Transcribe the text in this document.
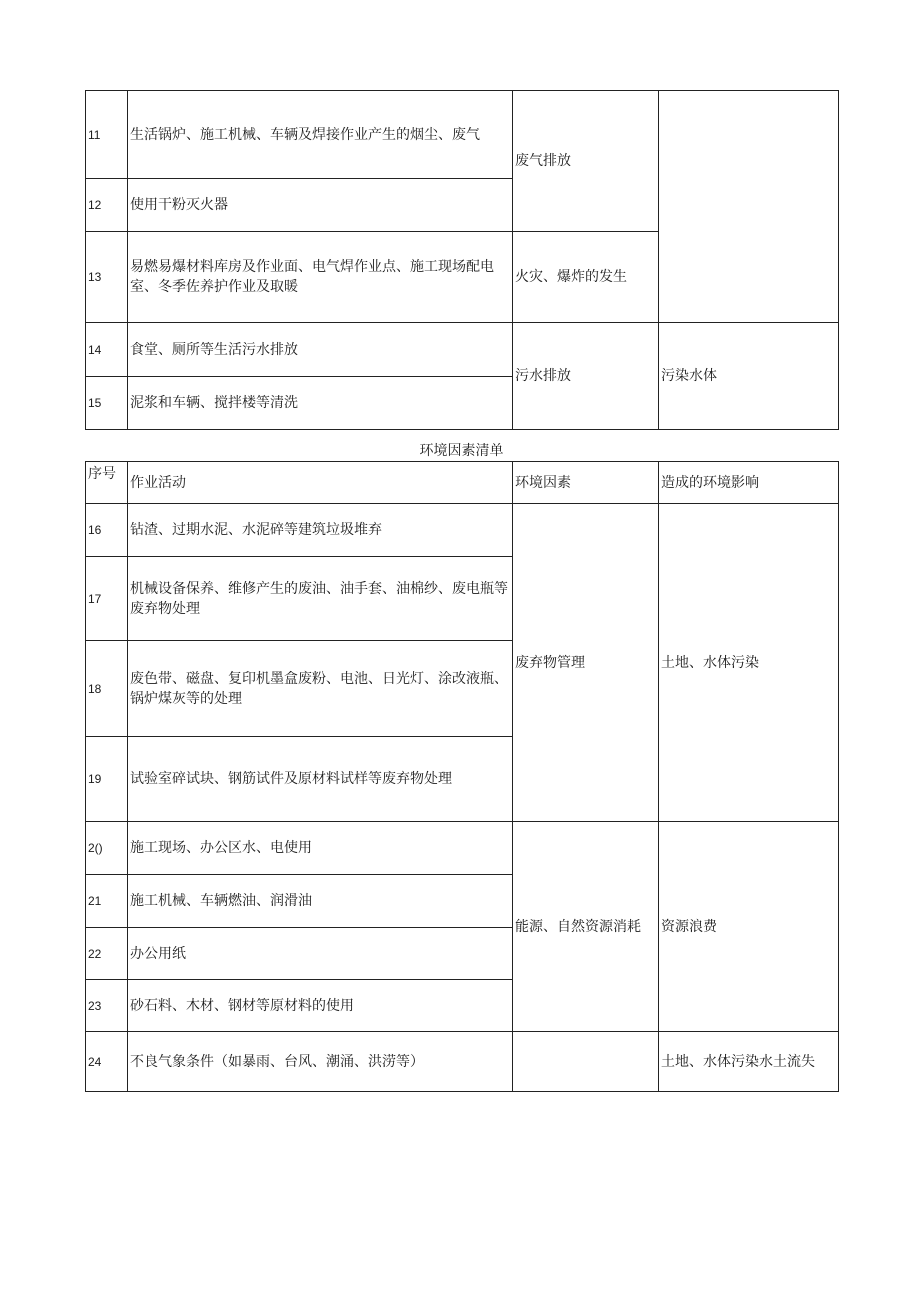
11	生活锅炉、施工机械、车辆及焊接作业产生的烟尘、废气	废气排放	
12	使用干粉灭火器		
13	易燃易爆材料库房及作业面、电气焊作业点、施工现场配电室、冬季佐养护作业及取暖	火灾、爆炸的发生	
14	食堂、厕所等生活污水排放	污水排放	污染水体
15	泥浆和车辆、搅拌楼等清洗		
环境因素清单
序号	作业活动	环境因素	造成的环境影响
16	钻渣、过期水泥、水泥碎等建筑垃圾堆弃	废弃物管理	土地、水体污染
17	机械设备保养、维修产生的废油、油手套、油棉纱、废电瓶等废弃物处理		
18	废色带、磁盘、复印机墨盒废粉、电池、日光灯、涂改液瓶、锅炉煤灰等的处理		
19	试验室碎试块、钢筋试件及原材料试样等废弃物处理		
2()	施工现场、办公区水、电使用	能源、自然资源消耗	资源浪费
21	施工机械、车辆燃油、润滑油		
22	办公用纸		
23	砂石料、木材、钢材等原材料的使用		
24	不良气象条件（如暴雨、台风、潮涌、洪涝等）		土地、水体污染水土流失
